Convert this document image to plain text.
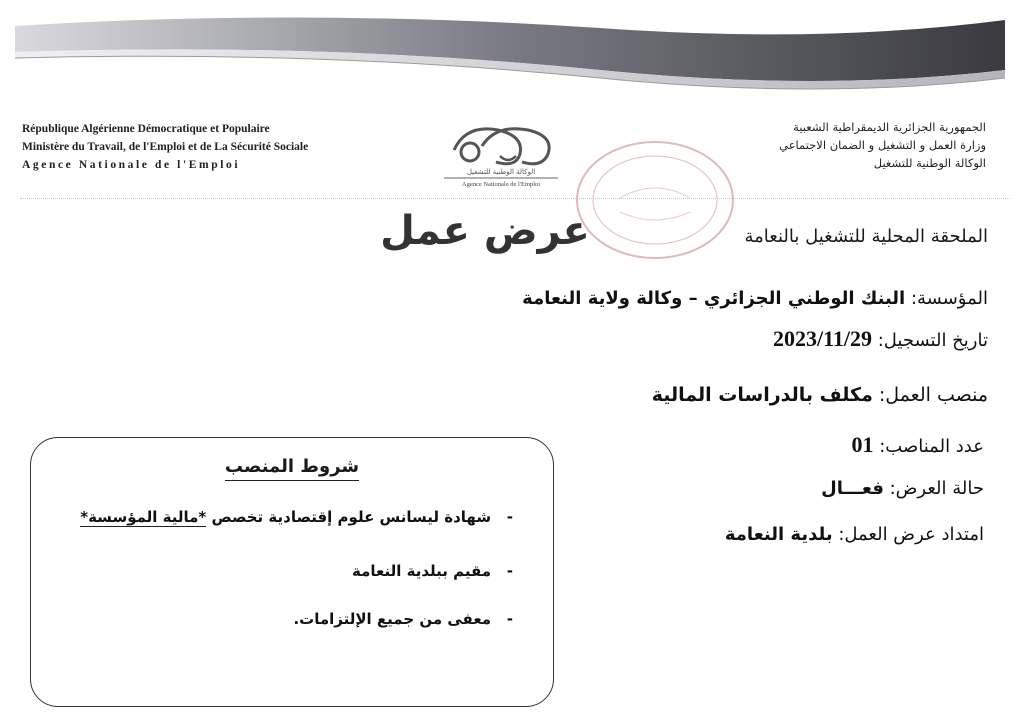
République Algérienne Démocratique et Populaire
Ministère du Travail, de l'Emploi et de La Sécurité Sociale
Agence Nationale de l'Emploi
الوكالة الوطنية للتشغيل
Agence Nationale de l'Emploi
الجمهورية الجزائرية الديمقراطية الشعبية
وزارة العمل و التشغيل و الضمان الاجتماعي
الوكالة الوطنية للتشغيل
عرض عمل	الملحقة المحلية للتشغيل بالنعامة
المؤسسة: البنك الوطني الجزائري – وكالة ولاية النعامة
تاريخ التسجيل: 2023/11/29
منصب العمل: مكلف بالدراسات المالية
عدد المناصب: 01
حالة العرض: فعـــال
امتداد عرض العمل: بلدية النعامة
شروط المنصب
-   شهادة ليسانس علوم إقتصادية تخصص *مالية المؤسسة*
-   مقيم ببلدية النعامة
-   معفى من جميع الإلتزامات.
